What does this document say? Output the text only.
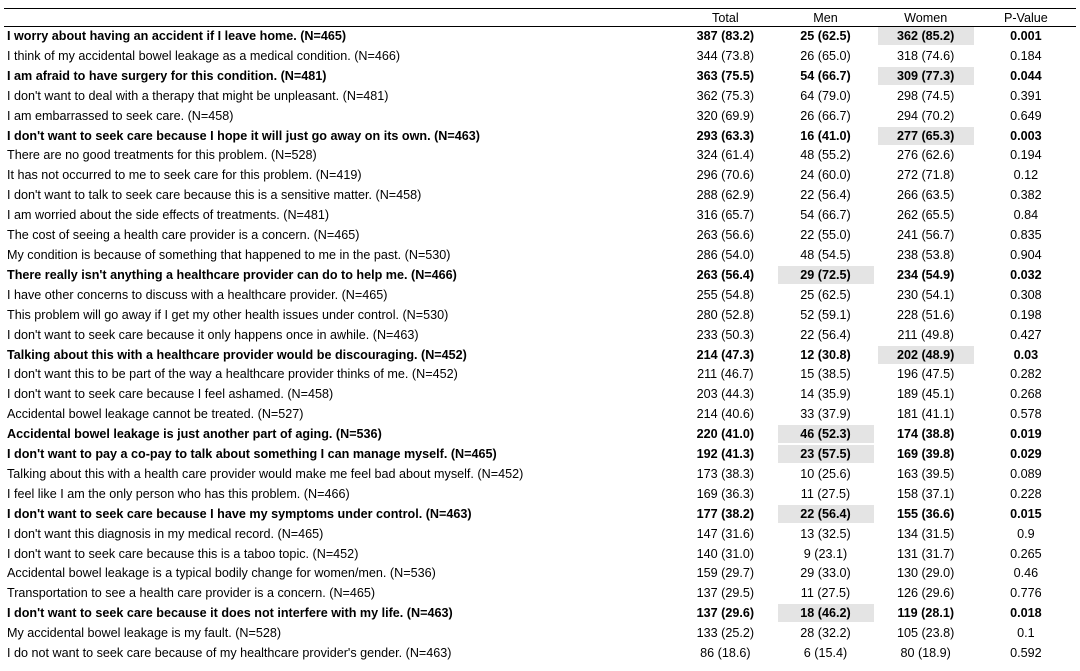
	Total	Men	Women	P-Value
I worry about having an accident if I leave home. (N=465)	387 (83.2)	25 (62.5)	362 (85.2)	0.001
I think of my accidental bowel leakage as a medical condition. (N=466)	344 (73.8)	26 (65.0)	318 (74.6)	0.184
I am afraid to have surgery for this condition. (N=481)	363 (75.5)	54 (66.7)	309 (77.3)	0.044
I don't want to deal with a therapy that might be unpleasant. (N=481)	362 (75.3)	64 (79.0)	298 (74.5)	0.391
I am embarrassed to seek care. (N=458)	320 (69.9)	26 (66.7)	294 (70.2)	0.649
I don't want to seek care because I hope it will just go away on its own. (N=463)	293 (63.3)	16 (41.0)	277 (65.3)	0.003
There are no good treatments for this problem. (N=528)	324 (61.4)	48 (55.2)	276 (62.6)	0.194
It has not occurred to me to seek care for this problem. (N=419)	296 (70.6)	24 (60.0)	272 (71.8)	0.12
I don't want to talk to seek care because this is a sensitive matter. (N=458)	288 (62.9)	22 (56.4)	266 (63.5)	0.382
I am worried about the side effects of treatments. (N=481)	316 (65.7)	54 (66.7)	262 (65.5)	0.84
The cost of seeing a health care provider is a concern. (N=465)	263 (56.6)	22 (55.0)	241 (56.7)	0.835
My condition is because of something that happened to me in the past. (N=530)	286 (54.0)	48 (54.5)	238 (53.8)	0.904
There really isn't anything a healthcare provider can do to help me. (N=466)	263 (56.4)	29 (72.5)	234 (54.9)	0.032
I have other concerns to discuss with a healthcare provider. (N=465)	255 (54.8)	25 (62.5)	230 (54.1)	0.308
This problem will go away if I get my other health issues under control. (N=530)	280 (52.8)	52 (59.1)	228 (51.6)	0.198
I don't want to seek care because it only happens once in awhile. (N=463)	233 (50.3)	22 (56.4)	211 (49.8)	0.427
Talking about this with a healthcare provider would be discouraging. (N=452)	214 (47.3)	12 (30.8)	202 (48.9)	0.03
I don't want this to be part of the way a healthcare provider thinks of me. (N=452)	211 (46.7)	15 (38.5)	196 (47.5)	0.282
I don't want to seek care because I feel ashamed. (N=458)	203 (44.3)	14 (35.9)	189 (45.1)	0.268
Accidental bowel leakage cannot be treated. (N=527)	214 (40.6)	33 (37.9)	181 (41.1)	0.578
Accidental bowel leakage is just another part of aging. (N=536)	220 (41.0)	46 (52.3)	174 (38.8)	0.019
I don't want to pay a co-pay to talk about something I can manage myself. (N=465)	192 (41.3)	23 (57.5)	169 (39.8)	0.029
Talking about this with a health care provider would make me feel bad about myself. (N=452)	173 (38.3)	10 (25.6)	163 (39.5)	0.089
I feel like I am the only person who has this problem. (N=466)	169 (36.3)	11 (27.5)	158 (37.1)	0.228
I don't want to seek care because I have my symptoms under control. (N=463)	177 (38.2)	22 (56.4)	155 (36.6)	0.015
I don't want this diagnosis in my medical record. (N=465)	147 (31.6)	13 (32.5)	134 (31.5)	0.9
I don't want to seek care because this is a taboo topic. (N=452)	140 (31.0)	9 (23.1)	131 (31.7)	0.265
Accidental bowel leakage is a typical bodily change for women/men. (N=536)	159 (29.7)	29 (33.0)	130 (29.0)	0.46
Transportation to see a health care provider is a concern. (N=465)	137 (29.5)	11 (27.5)	126 (29.6)	0.776
I don't want to seek care because it does not interfere with my life. (N=463)	137 (29.6)	18 (46.2)	119 (28.1)	0.018
My accidental bowel leakage is my fault. (N=528)	133 (25.2)	28 (32.2)	105 (23.8)	0.1
I do not want to seek care because of my healthcare provider's gender. (N=463)	86 (18.6)	6 (15.4)	80 (18.9)	0.592
